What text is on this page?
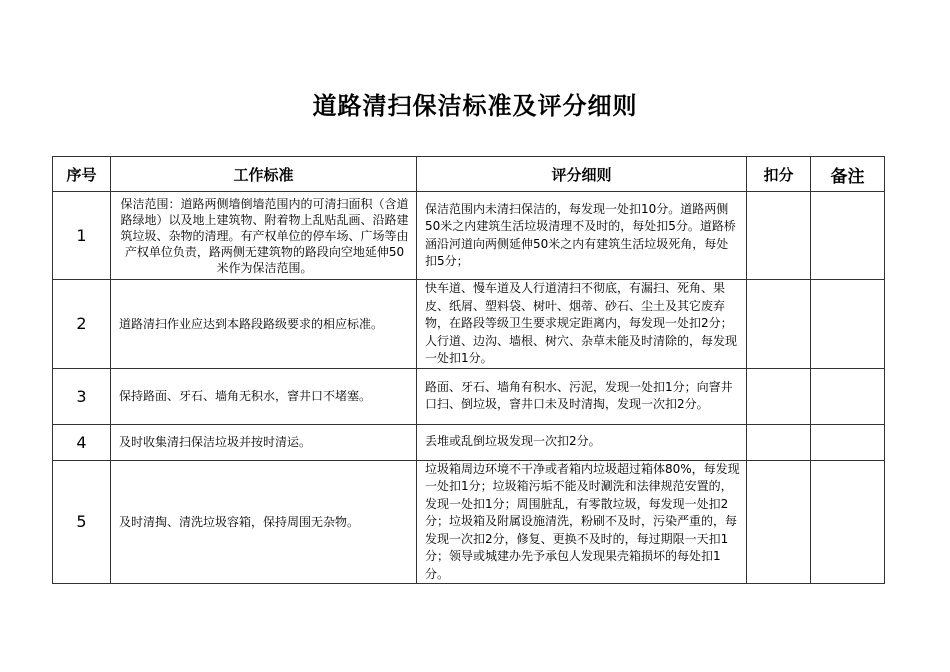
道路清扫保洁标准及评分细则
序号	工作标准	评分细则	扣分	备注
1	保洁范围：道路两侧墙倒墙范围内的可清扫面积（含道路绿地）以及地上建筑物、附着物上乱贴乱画、沿路建筑垃圾、杂物的清理。有产权单位的停车场、广场等由产权单位负责，路两侧无建筑物的路段向空地延伸50米作为保洁范围。	保洁范围内未清扫保洁的，每发现一处扣10分。道路两侧50米之内建筑生活垃圾清理不及时的，每处扣5分。道路桥涵沿河道向两侧延伸50米之内有建筑生活垃圾死角，每处扣5分；		
2	道路清扫作业应达到本路段路级要求的相应标准。	快车道、慢车道及人行道清扫不彻底，有漏扫、死角、果皮、纸屑、塑料袋、树叶、烟蒂、砂石、尘土及其它废弃物，在路段等级卫生要求规定距离内，每发现一处扣2分；人行道、边沟、墙根、树穴、杂草未能及时清除的，每发现一处扣1分。		
3	保持路面、牙石、墙角无积水，窨井口不堵塞。	路面、牙石、墙角有积水、污泥，发现一处扣1分；向窨井口扫、倒垃圾，窨井口未及时清掏，发现一次扣2分。		
4	及时收集清扫保洁垃圾并按时清运。	丢堆或乱倒垃圾发现一次扣2分。		
5	及时清掏、清洗垃圾容箱，保持周围无杂物。	垃圾箱周边环境不干净或者箱内垃圾超过箱体80%，每发现一处扣1分；垃圾箱污垢不能及时涮洗和法律规范安置的，发现一处扣1分；周围脏乱，有零散垃圾，每发现一处扣2分；垃圾箱及附属设施清洗，粉刷不及时，污染严重的，每发现一次扣2分，修复、更换不及时的，每过期限一天扣1分；领导或城建办先予承包人发现果壳箱损坏的每处扣1分。		
